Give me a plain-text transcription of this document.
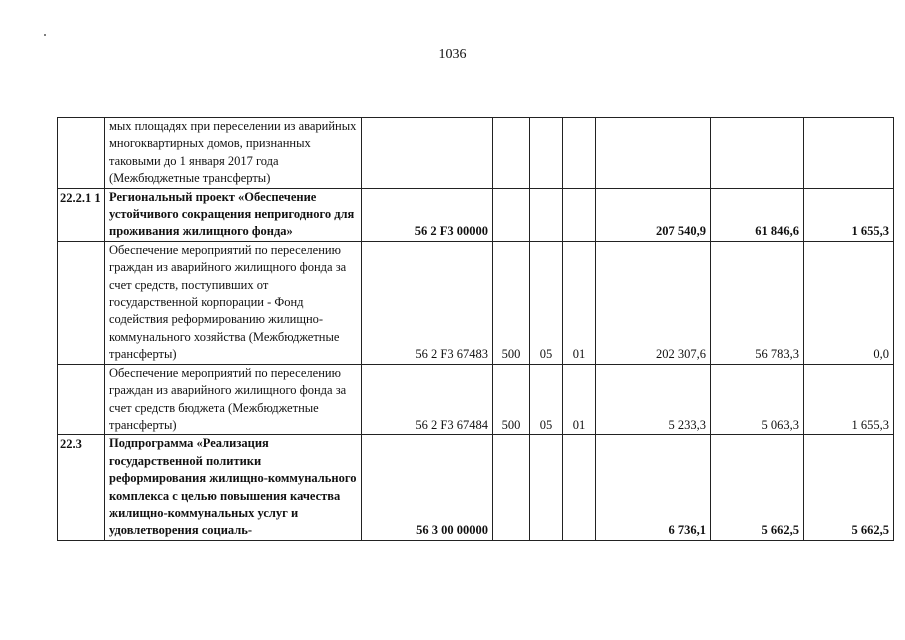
1036
	мых площадях при переселении из аварийных многоквартирных домов, признанных таковыми до 1 января 2017 года (Межбюджетные трансферты)							
22.2.1 1	Региональный проект «Обеспечение устойчивого сокращения непригодного для проживания жилищного фонда»	56 2 F3 00000				207 540,9	61 846,6	1 655,3
	Обеспечение мероприятий по переселению граждан из аварийного жилищного фонда за счет средств, поступивших от государственной корпорации - Фонд содействия реформированию жилищно-коммунального хозяйства (Межбюджетные трансферты)	56 2 F3 67483	500	05	01	202 307,6	56 783,3	0,0
	Обеспечение мероприятий по переселению граждан из аварийного жилищного фонда за счет средств бюджета (Межбюджетные трансферты)	56 2 F3 67484	500	05	01	5 233,3	5 063,3	1 655,3
22.3	Подпрограмма «Реализация государственной политики реформирования жилищно-коммунального комплекса с целью повышения качества жилищно-коммунальных услуг и удовлетворения социаль-	56 3 00 00000				6 736,1	5 662,5	5 662,5
